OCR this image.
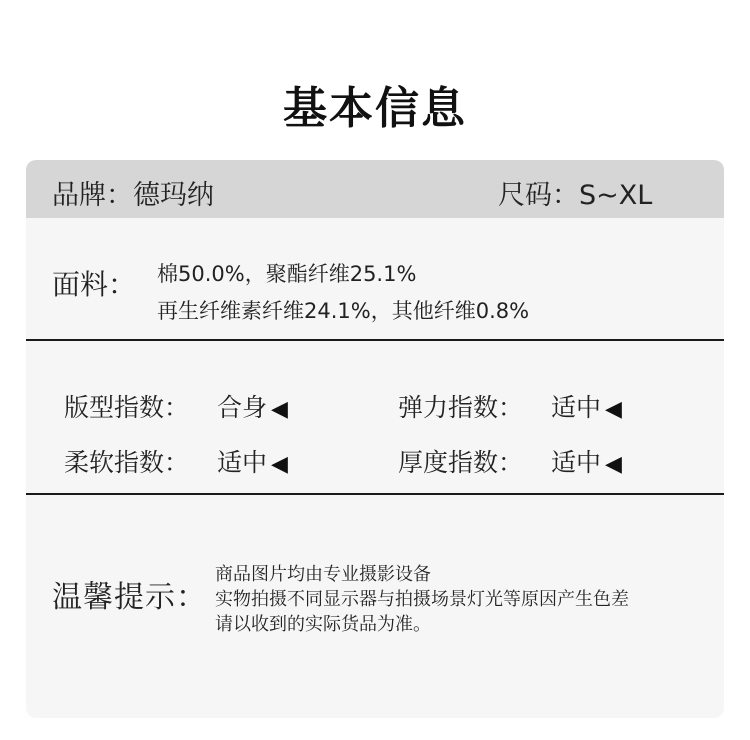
基本信息
品牌：德玛纳	尺码：S~XL
面料： 棉50.0%，聚酯纤维25.1%
再生纤维素纤维24.1%，其他纤维0.8%
版型指数： 合身 ◀	弹力指数： 适中 ◀
柔软指数： 适中 ◀	厚度指数： 适中 ◀
温馨提示：
商品图片均由专业摄影设备
实物拍摄不同显示器与拍摄场景灯光等原因产生色差
请以收到的实际货品为准。
